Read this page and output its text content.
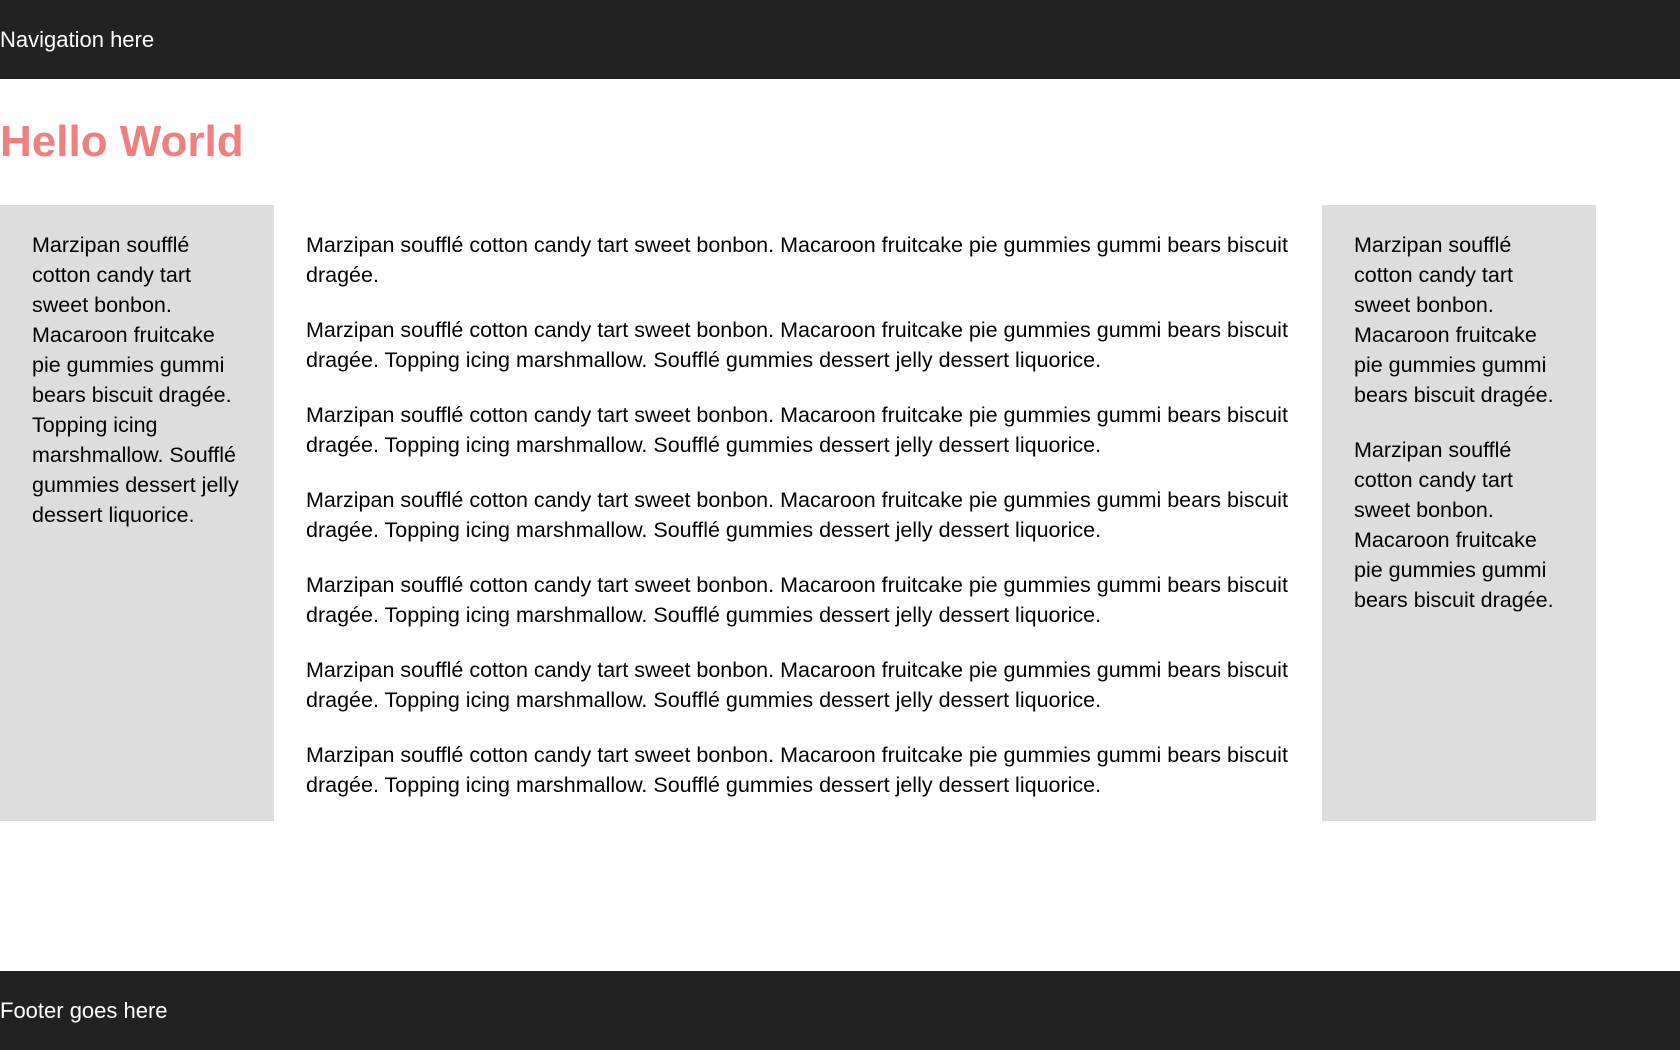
Navigation here
Hello World

Marzipan soufflé cotton candy tart sweet bonbon. Macaroon fruitcake pie gummies gummi bears biscuit dragée. Topping icing marshmallow. Soufflé gummies dessert jelly dessert liquorice.

Marzipan soufflé cotton candy tart sweet bonbon. Macaroon fruitcake pie gummies gummi bears biscuit dragée.

Marzipan soufflé cotton candy tart sweet bonbon. Macaroon fruitcake pie gummies gummi bears biscuit dragée. Topping icing marshmallow. Soufflé gummies dessert jelly dessert liquorice.

Marzipan soufflé cotton candy tart sweet bonbon. Macaroon fruitcake pie gummies gummi bears biscuit dragée. Topping icing marshmallow. Soufflé gummies dessert jelly dessert liquorice.

Marzipan soufflé cotton candy tart sweet bonbon. Macaroon fruitcake pie gummies gummi bears biscuit dragée. Topping icing marshmallow. Soufflé gummies dessert jelly dessert liquorice.

Marzipan soufflé cotton candy tart sweet bonbon. Macaroon fruitcake pie gummies gummi bears biscuit dragée. Topping icing marshmallow. Soufflé gummies dessert jelly dessert liquorice.

Marzipan soufflé cotton candy tart sweet bonbon. Macaroon fruitcake pie gummies gummi bears biscuit dragée. Topping icing marshmallow. Soufflé gummies dessert jelly dessert liquorice.

Marzipan soufflé cotton candy tart sweet bonbon. Macaroon fruitcake pie gummies gummi bears biscuit dragée. Topping icing marshmallow. Soufflé gummies dessert jelly dessert liquorice.

Marzipan soufflé cotton candy tart sweet bonbon. Macaroon fruitcake pie gummies gummi bears biscuit dragée.

Marzipan soufflé cotton candy tart sweet bonbon. Macaroon fruitcake pie gummies gummi bears biscuit dragée.

Footer goes here
